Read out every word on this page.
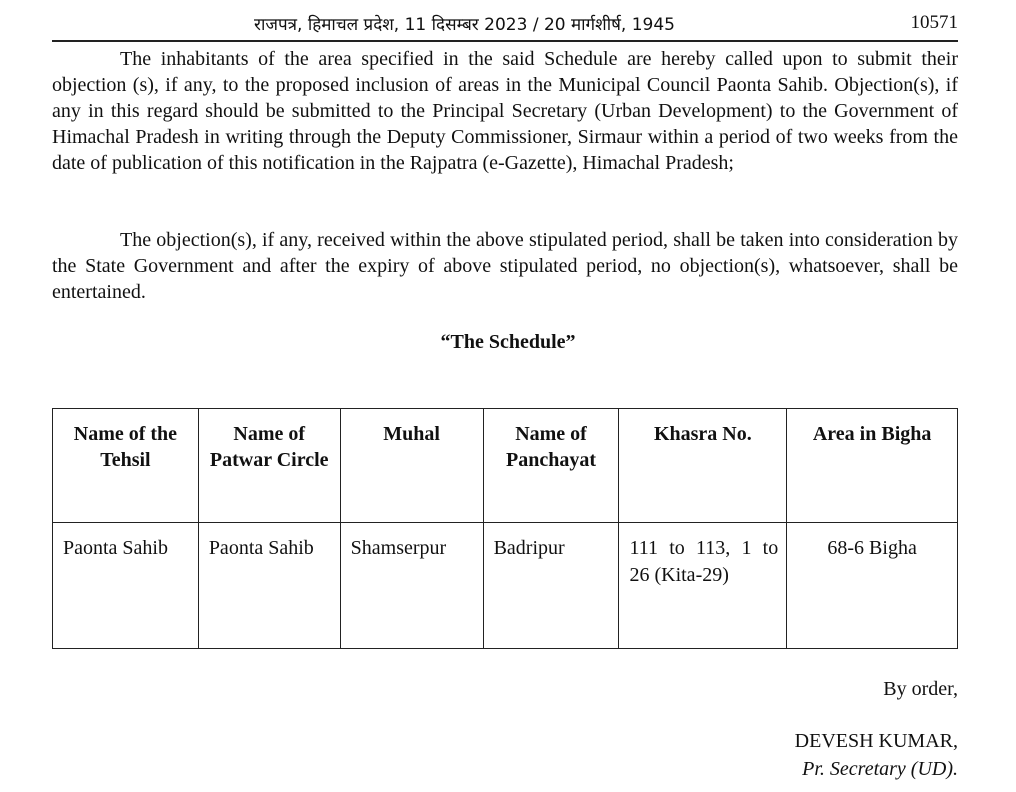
राजपत्र, हिमाचल प्रदेश, 11 दिसम्बर 2023 / 20 मार्गशीर्ष, 1945	10571

The inhabitants of the area specified in the said Schedule are hereby called upon to submit their objection (s), if any, to the proposed inclusion of areas in the Municipal Council Paonta Sahib. Objection(s), if any in this regard should be submitted to the Principal Secretary (Urban Development) to the Government of Himachal Pradesh in writing through the Deputy Commissioner, Sirmaur within a period of two weeks from the date of publication of this notification in the Rajpatra (e-Gazette), Himachal Pradesh;

The objection(s), if any, received within the above stipulated period, shall be taken into consideration by the State Government and after the expiry of above stipulated period, no objection(s), whatsoever, shall be entertained.

“The Schedule”
Name of the Tehsil	Name of Patwar Circle	Muhal	Name of Panchayat	Khasra No.	Area in Bigha
Paonta Sahib	Paonta Sahib	Shamserpur	Badripur	111 to 113, 1 to 26 (Kita-29)	68-6 Bigha
By order,
DEVESH KUMAR,
Pr. Secretary (UD).
